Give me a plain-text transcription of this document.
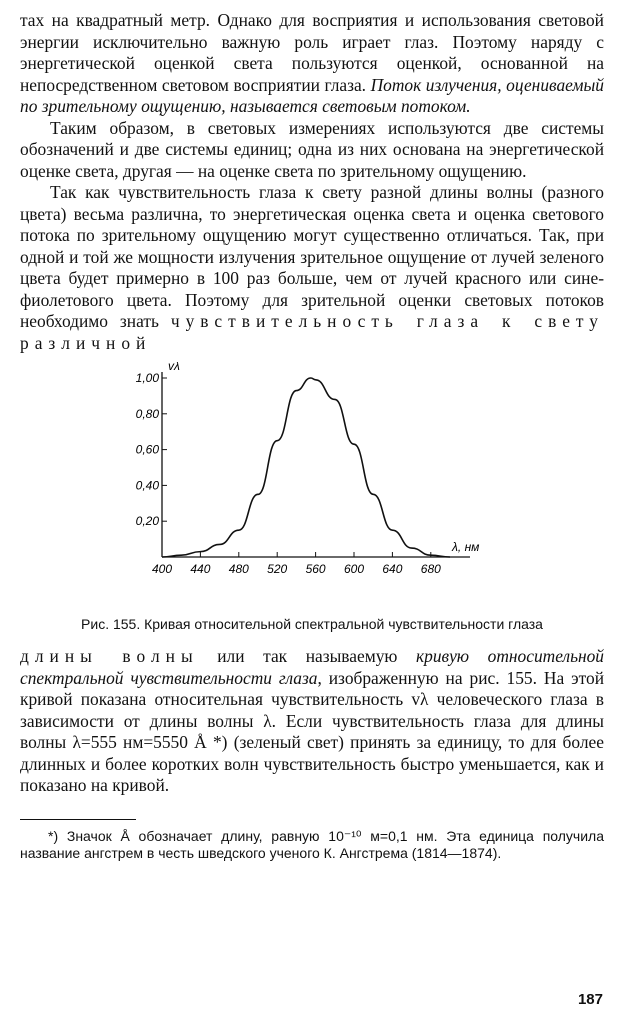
тах на квадратный метр. Однако для восприятия и использования световой энергии исключительно важную роль играет глаз. Поэтому наряду с энергетической оценкой света пользуются оценкой, основанной на непосредственном световом восприятии глаза. Поток излучения, оцениваемый по зрительному ощущению, называется световым потоком.

Таким образом, в световых измерениях используются две системы обозначений и две системы единиц; одна из них основана на энергетической оценке света, другая — на оценке света по зрительному ощущению.

Так как чувствительность глаза к свету разной длины волны (разного цвета) весьма различна, то энергетическая оценка света и оценка светового потока по зрительному ощущению могут существенно отличаться. Так, при одной и той же мощности излучения зрительное ощущение от лучей зеленого цвета будет примерно в 100 раз больше, чем от лучей красного или сине-фиолетового цвета. Поэтому для зрительной оценки световых потоков необходимо знать чувствительность глаза к свету различной

vλ
λ, нм
400 440 480 520 560 600 640 680
1,00
0,80
0,60
0,40
0,20
Рис. 155. Кривая относительной спектральной чувствительности глаза

длины волны или так называемую кривую относительной спектральной чувствительности глаза, изображенную на рис. 155. На этой кривой показана относительная чувствительность vλ человеческого глаза в зависимости от длины волны λ. Если чувствительность глаза для длины волны λ=555 нм=5550 Å *) (зеленый свет) принять за единицу, то для более длинных и более коротких волн чувствительность быстро уменьшается, как и показано на кривой.

*) Значок Å обозначает длину, равную 10⁻¹⁰ м=0,1 нм. Эта единица получила название ангстрем в честь шведского ученого К. Ангстрема (1814—1874).
187
